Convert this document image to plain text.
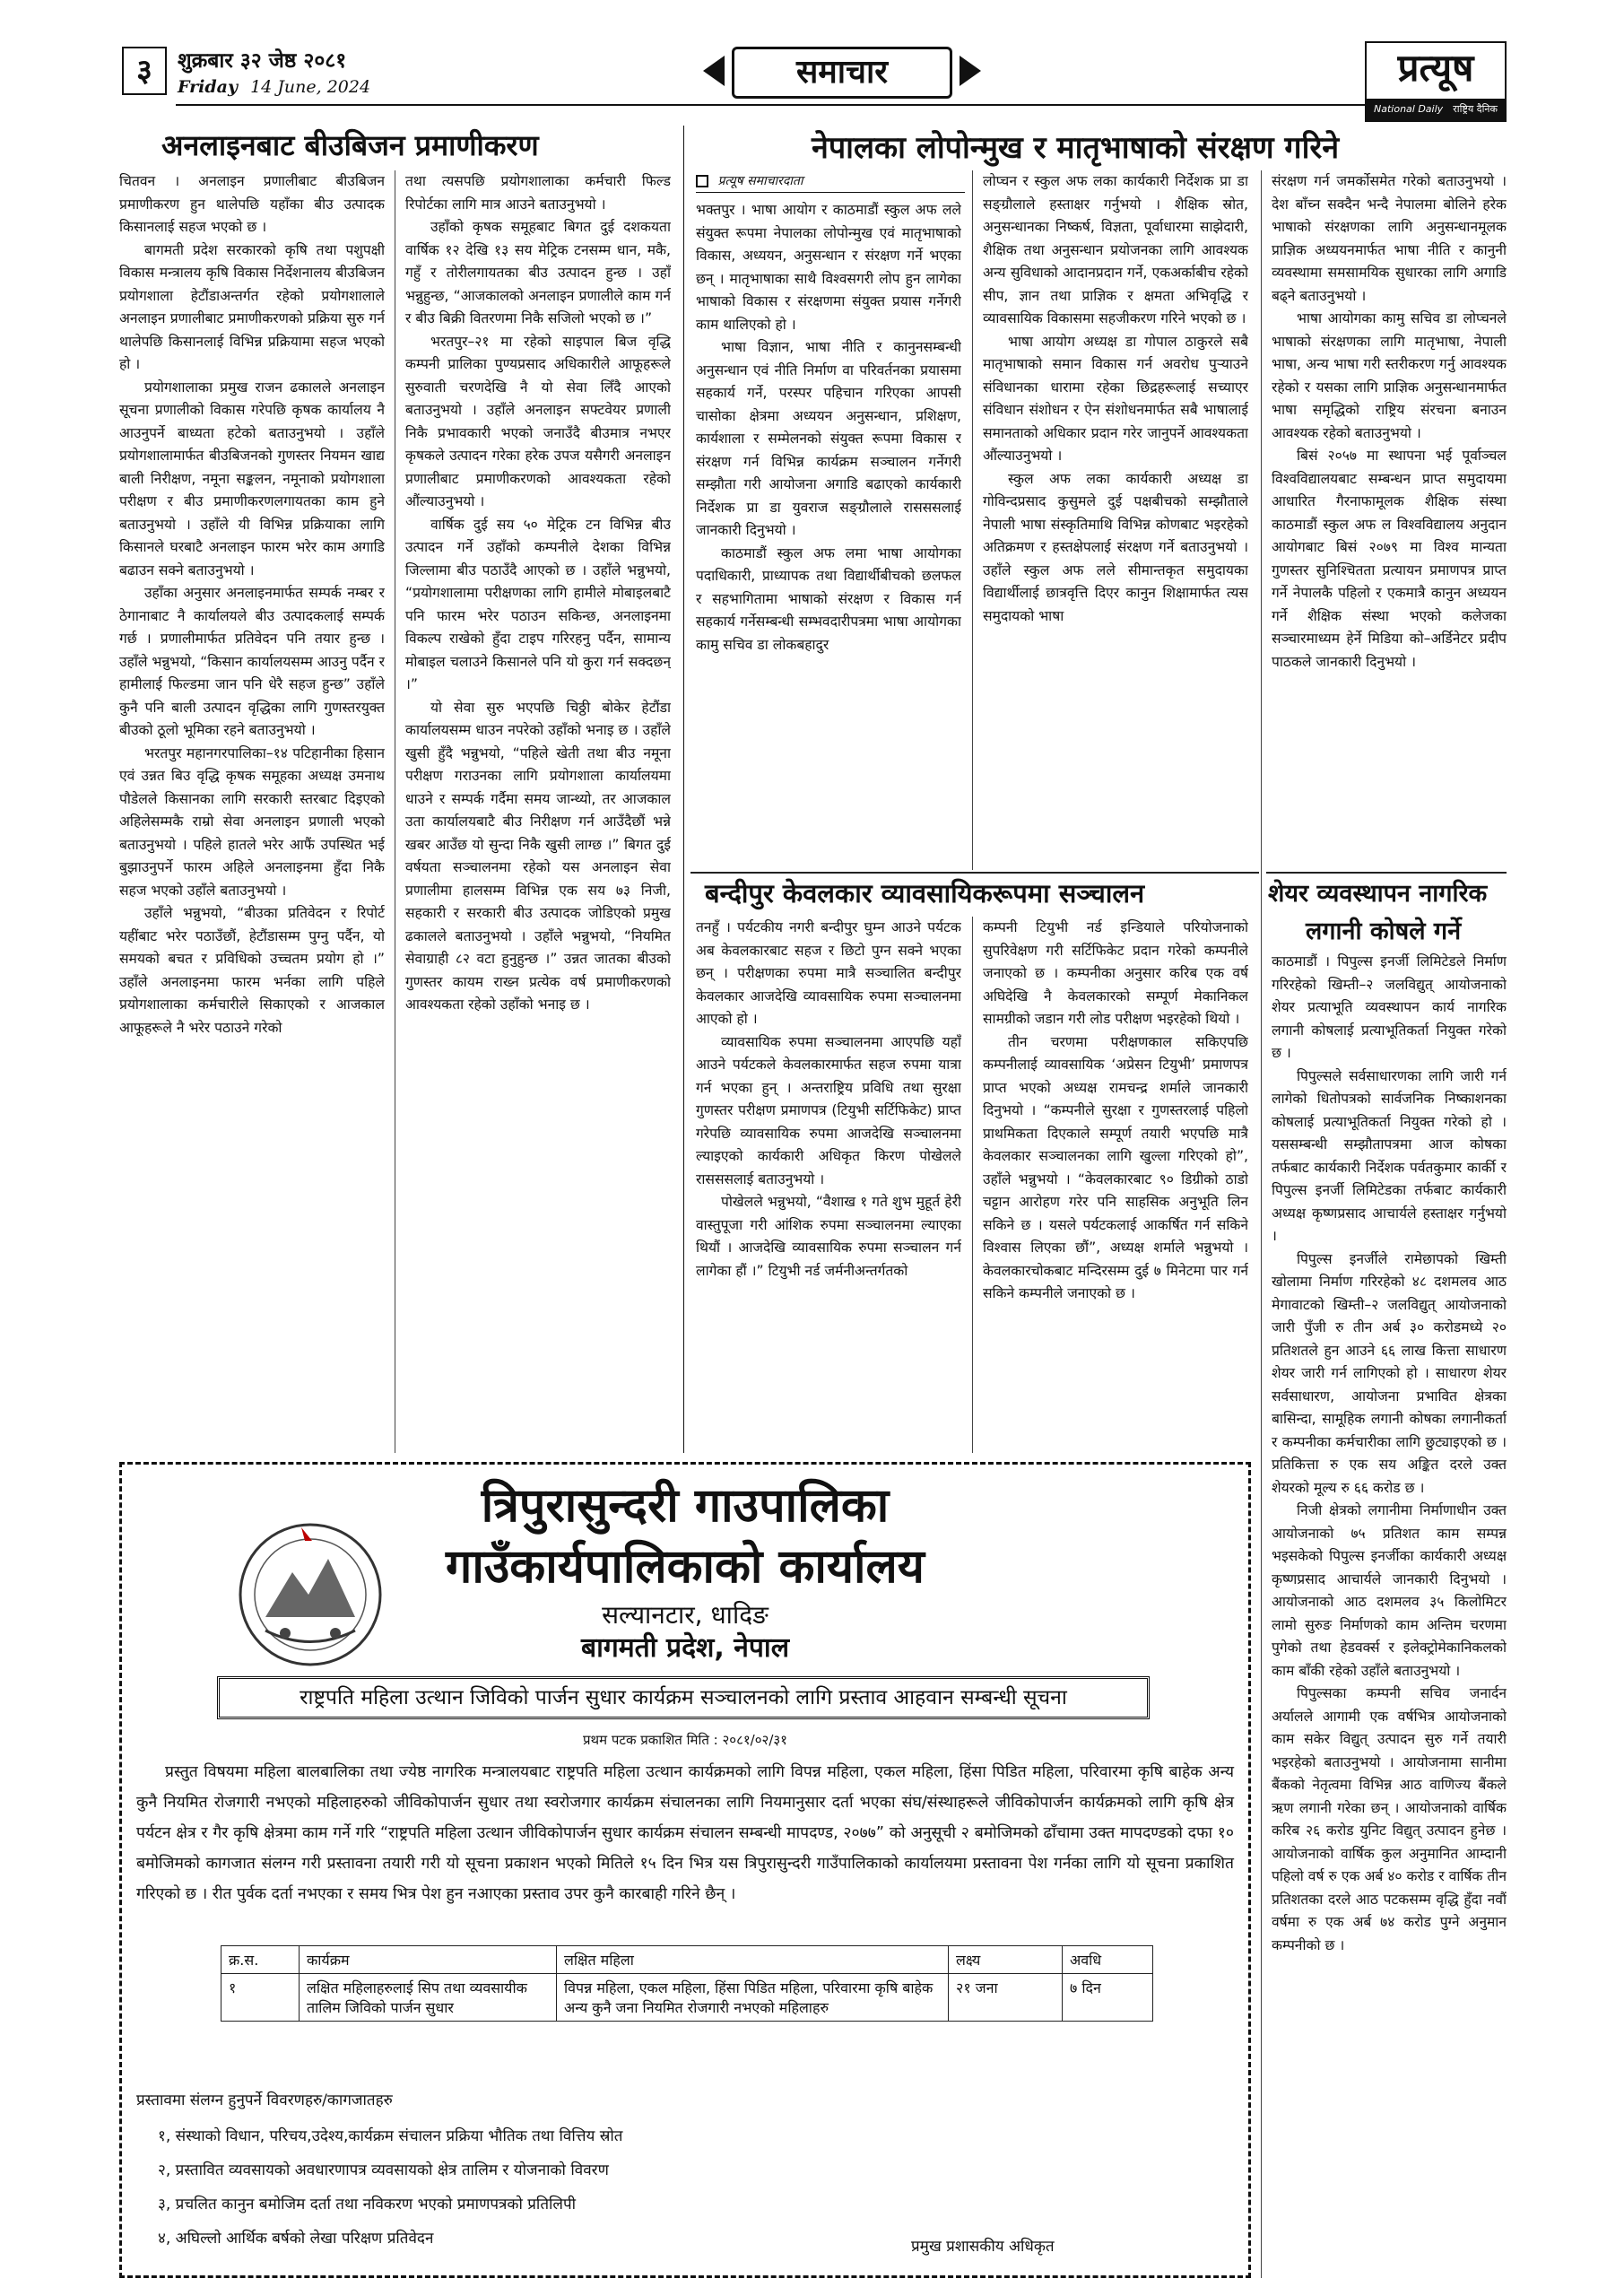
३	शुक्रबार ३२ जेष्ठ २०८१
Friday 14 June, 2024	समाचार	प्रत्यूष
National Daily राष्ट्रिय दैनिक
अनलाइनबाट बीउबिजन प्रमाणीकरण

चितवन । अनलाइन प्रणालीबाट बीउबिजन प्रमाणीकरण हुन थालेपछि यहाँका बीउ उत्पादक किसानलाई सहज भएको छ ।

बागमती प्रदेश सरकारको कृषि तथा पशुपक्षी विकास मन्त्रालय कृषि विकास निर्देशनालय बीउबिजन प्रयोगशाला हेटौंडाअन्तर्गत रहेको प्रयोगशालाले अनलाइन प्रणालीबाट प्रमाणीकरणको प्रक्रिया सुरु गर्न थालेपछि किसानलाई विभिन्न प्रक्रियामा सहज भएको हो ।

प्रयोगशालाका प्रमुख राजन ढकालले अनलाइन सूचना प्रणालीको विकास गरेपछि कृषक कार्यालय नै आउनुपर्ने बाध्यता हटेको बताउनुभयो । उहाँले प्रयोगशालामार्फत बीउबिजनको गुणस्तर नियमन खाद्य बाली निरीक्षण, नमूना सङ्कलन, नमूनाको प्रयोगशाला परीक्षण र बीउ प्रमाणीकरणलगायतका काम हुने बताउनुभयो । उहाँले यी विभिन्न प्रक्रियाका लागि किसानले घरबाटै अनलाइन फारम भरेर काम अगाडि बढाउन सक्ने बताउनुभयो ।

उहाँका अनुसार अनलाइनमार्फत सम्पर्क नम्बर र ठेगानाबाट नै कार्यालयले बीउ उत्पादकलाई सम्पर्क गर्छ । प्रणालीमार्फत प्रतिवेदन पनि तयार हुन्छ । उहाँले भन्नुभयो, “किसान कार्यालयसम्म आउनु पर्दैन र हामीलाई फिल्डमा जान पनि धेरै सहज हुन्छ” उहाँले कुनै पनि बाली उत्पादन वृद्धिका लागि गुणस्तरयुक्त बीउको ठूलो भूमिका रहने बताउनुभयो ।

भरतपुर महानगरपालिका–१४ पटिहानीका हिसान एवं उन्नत बिउ वृद्धि कृषक समूहका अध्यक्ष उमनाथ पौडेलले किसानका लागि सरकारी स्तरबाट दिइएको अहिलेसम्मकै राम्रो सेवा अनलाइन प्रणाली भएको बताउनुभयो । पहिले हातले भरेर आफैं उपस्थित भई बुझाउनुपर्ने फारम अहिले अनलाइनमा हुँदा निकै सहज भएको उहाँले बताउनुभयो ।

उहाँले भन्नुभयो, “बीउका प्रतिवेदन र रिपोर्ट यहींबाट भरेर पठाउँछौं, हेटौंडासम्म पुग्नु पर्दैन, यो समयको बचत र प्रविधिको उच्चतम प्रयोग हो ।” उहाँले अनलाइनमा फारम भर्नका लागि पहिले प्रयोगशालाका कर्मचारीले सिकाएको र आजकाल आफूहरूले नै भरेर पठाउने गरेको

तथा त्यसपछि प्रयोगशालाका कर्मचारी फिल्ड रिपोर्टका लागि मात्र आउने बताउनुभयो ।

उहाँको कृषक समूहबाट बिगत दुई दशकयता वार्षिक १२ देखि १३ सय मेट्रिक टनसम्म धान, मकै, गहुँ र तोरीलगायतका बीउ उत्पादन हुन्छ । उहाँ भन्नुहुन्छ, “आजकालको अनलाइन प्रणालीले काम गर्न र बीउ बिक्री वितरणमा निकै सजिलो भएको छ ।”

भरतपुर–२१ मा रहेको साइपाल बिज वृद्धि कम्पनी प्रालिका पुण्यप्रसाद अधिकारीले आफूहरूले सुरुवाती चरणदेखि नै यो सेवा लिँदै आएको बताउनुभयो । उहाँले अनलाइन सफ्टवेयर प्रणाली निकै प्रभावकारी भएको जनाउँदै बीउमात्र नभएर कृषकले उत्पादन गरेका हरेक उपज यसैगरी अनलाइन प्रणालीबाट प्रमाणीकरणको आवश्यकता रहेको औंल्याउनुभयो ।

वार्षिक दुई सय ५० मेट्रिक टन विभिन्न बीउ उत्पादन गर्ने उहाँको कम्पनीले देशका विभिन्न जिल्लामा बीउ पठाउँदै आएको छ । उहाँले भन्नुभयो, “प्रयोगशालामा परीक्षणका लागि हामीले मोबाइलबाटै पनि फारम भरेर पठाउन सकिन्छ, अनलाइनमा विकल्प राखेको हुँदा टाइप गरिरहनु पर्दैन, सामान्य मोबाइल चलाउने किसानले पनि यो कुरा गर्न सक्दछन् ।”

यो सेवा सुरु भएपछि चिठ्ठी बोकेर हेटौंडा कार्यालयसम्म धाउन नपरेको उहाँको भनाइ छ । उहाँले खुसी हुँदै भन्नुभयो, “पहिले खेती तथा बीउ नमूना परीक्षण गराउनका लागि प्रयोगशाला कार्यालयमा धाउने र सम्पर्क गर्दैमा समय जान्थ्यो, तर आजकाल उता कार्यालयबाटै बीउ निरीक्षण गर्न आउँदैछौं भन्ने खबर आउँछ यो सुन्दा निकै खुसी लाग्छ ।” बिगत दुई वर्षयता सञ्चालनमा रहेको यस अनलाइन सेवा प्रणालीमा हालसम्म विभिन्न एक सय ७३ निजी, सहकारी र सरकारी बीउ उत्पादक जोडिएको प्रमुख ढकालले बताउनुभयो । उहाँले भन्नुभयो, “नियमित सेवाग्राही ८२ वटा हुनुहुन्छ ।” उन्नत जातका बीउको गुणस्तर कायम राख्न प्रत्येक वर्ष प्रमाणीकरणको आवश्यकता रहेको उहाँको भनाइ छ ।

नेपालका लोपोन्मुख र मातृभाषाको संरक्षण गरिने
प्रत्यूष समाचारदाता

भक्तपुर । भाषा आयोग र काठमाडौं स्कुल अफ लले संयुक्त रूपमा नेपालका लोपोन्मुख एवं मातृभाषाको विकास, अध्ययन, अनुसन्धान र संरक्षण गर्ने भएका छन् । मातृभाषाका साथै विश्वसगरी लोप हुन लागेका भाषाको विकास र संरक्षणमा संयुक्त प्रयास गर्नेगरी काम थालिएको हो ।

भाषा विज्ञान, भाषा नीति र कानुनसम्बन्धी अनुसन्धान एवं नीति निर्माण वा परिवर्तनका प्रयासमा सहकार्य गर्ने, परस्पर पहिचान गरिएका आपसी चासोका क्षेत्रमा अध्ययन अनुसन्धान, प्रशिक्षण, कार्यशाला र सम्मेलनको संयुक्त रूपमा विकास र संरक्षण गर्न विभिन्न कार्यक्रम सञ्चालन गर्नेगरी सम्झौता गरी आयोजना अगाडि बढाएको कार्यकारी निर्देशक प्रा डा युवराज सङ्ग्रौलाले रासससलाई जानकारी दिनुभयो ।

काठमाडौं स्कुल अफ लमा भाषा आयोगका पदाधिकारी, प्राध्यापक तथा विद्यार्थीबीचको छलफल र सहभागितामा भाषाको संरक्षण र विकास गर्न सहकार्य गर्नेसम्बन्धी सम्भवदारीपत्रमा भाषा आयोगका कामु सचिव डा लोकबहादुर

लोप्चन र स्कुल अफ लका कार्यकारी निर्देशक प्रा डा सङ्ग्रौलाले हस्ताक्षर गर्नुभयो । शैक्षिक स्रोत, अनुसन्धानका निष्कर्ष, विज्ञता, पूर्वाधारमा साझेदारी, शैक्षिक तथा अनुसन्धान प्रयोजनका लागि आवश्यक अन्य सुविधाको आदानप्रदान गर्ने, एकअर्काबीच रहेको सीप, ज्ञान तथा प्राज्ञिक र क्षमता अभिवृद्धि र व्यावसायिक विकासमा सहजीकरण गरिने भएको छ ।

भाषा आयोग अध्यक्ष डा गोपाल ठाकुरले सबै मातृभाषाको समान विकास गर्न अवरोध पुऱ्याउने संविधानका धारामा रहेका छिद्रहरूलाई सच्याएर संविधान संशोधन र ऐन संशोधनमार्फत सबै भाषालाई समानताको अधिकार प्रदान गरेर जानुपर्ने आवश्यकता औंल्याउनुभयो ।

स्कुल अफ लका कार्यकारी अध्यक्ष डा गोविन्दप्रसाद कुसुमले दुई पक्षबीचको सम्झौताले नेपाली भाषा संस्कृतिमाथि विभिन्न कोणबाट भइरहेको अतिक्रमण र हस्तक्षेपलाई संरक्षण गर्ने बताउनुभयो । उहाँले स्कुल अफ लले सीमान्तकृत समुदायका विद्यार्थीलाई छात्रवृत्ति दिएर कानुन शिक्षामार्फत त्यस समुदायको भाषा

संरक्षण गर्न जमर्कोसमेत गरेको बताउनुभयो । देश बाँच्न सक्दैन भन्दै नेपालमा बोलिने हरेक भाषाको संरक्षणका लागि अनुसन्धानमूलक प्राज्ञिक अध्ययनमार्फत भाषा नीति र कानुनी व्यवस्थामा समसामयिक सुधारका लागि अगाडि बढ्ने बताउनुभयो ।

भाषा आयोगका कामु सचिव डा लोप्चनले भाषाको संरक्षणका लागि मातृभाषा, नेपाली भाषा, अन्य भाषा गरी स्तरीकरण गर्नु आवश्यक रहेको र यसका लागि प्राज्ञिक अनुसन्धानमार्फत भाषा समृद्धिको राष्ट्रिय संरचना बनाउन आवश्यक रहेको बताउनुभयो ।

बिसं २०५७ मा स्थापना भई पूर्वाञ्चल विश्वविद्यालयबाट सम्बन्धन प्राप्त समुदायमा आधारित गैरनाफामूलक शैक्षिक संस्था काठमाडौं स्कुल अफ ल विश्वविद्यालय अनुदान आयोगबाट बिसं २०७९ मा विश्व मान्यता गुणस्तर सुनिश्चितता प्रत्यायन प्रमाणपत्र प्राप्त गर्ने नेपालकै पहिलो र एकमात्रै कानुन अध्ययन गर्ने शैक्षिक संस्था भएको कलेजका सञ्चारमाध्यम हेर्ने मिडिया को–अर्डिनेटर प्रदीप पाठकले जानकारी दिनुभयो ।

बन्दीपुर केवलकार व्यावसायिकरूपमा सञ्चालन

तनहुँ । पर्यटकीय नगरी बन्दीपुर घुम्न आउने पर्यटक अब केवलकारबाट सहज र छिटो पुग्न सक्ने भएका छन् । परीक्षणका रुपमा मात्रै सञ्चालित बन्दीपुर केवलकार आजदेखि व्यावसायिक रुपमा सञ्चालनमा आएको हो ।

व्यावसायिक रुपमा सञ्चालनमा आएपछि यहाँ आउने पर्यटकले केवलकारमार्फत सहज रुपमा यात्रा गर्न भएका हुन् । अन्तराष्ट्रिय प्रविधि तथा सुरक्षा गुणस्तर परीक्षण प्रमाणपत्र (टियुभी सर्टिफिकेट) प्राप्त गरेपछि व्यावसायिक रुपमा आजदेखि सञ्चालनमा ल्याइएको कार्यकारी अधिकृत किरण पोखेलले रासससलाई बताउनुभयो ।

पोखेलले भन्नुभयो, “वैशाख १ गते शुभ मुहूर्त हेरी वास्तुपूजा गरी आंशिक रुपमा सञ्चालनमा ल्याएका थियौं । आजदेखि व्यावसायिक रुपमा सञ्चालन गर्न लागेका हौं ।” टियुभी नर्ड जर्मनीअन्तर्गतको

कम्पनी टियुभी नर्ड इन्डियाले परियोजनाको सुपरिवेक्षण गरी सर्टिफिकेट प्रदान गरेको कम्पनीले जनाएको छ । कम्पनीका अनुसार करिब एक वर्ष अघिदेखि नै केवलकारको सम्पूर्ण मेकानिकल सामग्रीको जडान गरी लोड परीक्षण भइरहेको थियो ।

तीन चरणमा परीक्षणकाल सकिएपछि कम्पनीलाई व्यावसायिक ‘अप्रेसन टियुभी’ प्रमाणपत्र प्राप्त भएको अध्यक्ष रामचन्द्र शर्माले जानकारी दिनुभयो । “कम्पनीले सुरक्षा र गुणस्तरलाई पहिलो प्राथमिकता दिएकाले सम्पूर्ण तयारी भएपछि मात्रै केवलकार सञ्चालनका लागि खुल्ला गरिएको हो”, उहाँले भन्नुभयो । “केवलकारबाट ९० डिग्रीको ठाडो चट्टान आरोहण गरेर पनि साहसिक अनुभूति लिन सकिने छ । यसले पर्यटकलाई आकर्षित गर्न सकिने विश्वास लिएका छौं”, अध्यक्ष शर्माले भन्नुभयो । केवलकारचोकबाट मन्दिरसम्म दुई ७ मिनेटमा पार गर्न सकिने कम्पनीले जनाएको छ ।

शेयर व्यवस्थापन नागरिक
लगानी कोषले गर्ने

काठमाडौं । पिपुल्स इनर्जी लिमिटेडले निर्माण गरिरहेको खिम्ती–२ जलविद्युत् आयोजनाको शेयर प्रत्याभूति व्यवस्थापन कार्य नागरिक लगानी कोषलाई प्रत्याभूतिकर्ता नियुक्त गरेको छ ।

पिपुल्सले सर्वसाधारणका लागि जारी गर्न लागेको धितोपत्रको सार्वजनिक निष्काशनका कोषलाई प्रत्याभूतिकर्ता नियुक्त गरेको हो । यससम्बन्धी सम्झौतापत्रमा आज कोषका तर्फबाट कार्यकारी निर्देशक पर्वतकुमार कार्की र पिपुल्स इनर्जी लिमिटेडका तर्फबाट कार्यकारी अध्यक्ष कृष्णप्रसाद आचार्यले हस्ताक्षर गर्नुभयो ।

पिपुल्स इनर्जीले रामेछापको खिम्ती खोलामा निर्माण गरिरहेको ४८ दशमलव आठ मेगावाटको खिम्ती–२ जलविद्युत् आयोजनाको जारी पुँजी रु तीन अर्ब ३० करोडमध्ये २० प्रतिशतले हुन आउने ६६ लाख कित्ता साधारण शेयर जारी गर्न लागिएको हो । साधारण शेयर सर्वसाधारण, आयोजना प्रभावित क्षेत्रका बासिन्दा, सामूहिक लगानी कोषका लगानीकर्ता र कम्पनीका कर्मचारीका लागि छुट्याइएको छ । प्रतिकित्ता रु एक सय अङ्कित दरले उक्त शेयरको मूल्य रु ६६ करोड छ ।

निजी क्षेत्रको लगानीमा निर्माणाधीन उक्त आयोजनाको ७५ प्रतिशत काम सम्पन्न भइसकेको पिपुल्स इनर्जीका कार्यकारी अध्यक्ष कृष्णप्रसाद आचार्यले जानकारी दिनुभयो । आयोजनाको आठ दशमलव ३५ किलोमिटर लामो सुरुङ निर्माणको काम अन्तिम चरणमा पुगेको तथा हेडवर्क्स र इलेक्ट्रोमेकानिकलको काम बाँकी रहेको उहाँले बताउनुभयो ।

पिपुल्सका कम्पनी सचिव जनार्दन अर्यालले आगामी एक वर्षभित्र आयोजनाको काम सकेर विद्युत् उत्पादन सुरु गर्ने तयारी भइरहेको बताउनुभयो । आयोजनामा सानीमा बैंकको नेतृत्वमा विभिन्न आठ वाणिज्य बैंकले ऋण लगानी गरेका छन् । आयोजनाको वार्षिक करिब २६ करोड युनिट विद्युत् उत्पादन हुनेछ । आयोजनाको वार्षिक कुल अनुमानित आम्दानी पहिलो वर्ष रु एक अर्ब ४० करोड र वार्षिक तीन प्रतिशतका दरले आठ पटकसम्म वृद्धि हुँदा नवौं वर्षमा रु एक अर्ब ७४ करोड पुग्ने अनुमान कम्पनीको छ ।

त्रिपुरासुन्दरी गाउपालिका
गाउँकार्यपालिकाको कार्यालय
सल्यानटार, धादिङ
बागमती प्रदेश, नेपाल
राष्ट्रपति महिला उत्थान जिविको पार्जन सुधार कार्यक्रम सञ्चालनको लागि प्रस्ताव आहवान सम्बन्धी सूचना
प्रथम पटक प्रकाशित मिति : २०८१/०२/३१
प्रस्तुत विषयमा महिला बालबालिका तथा ज्येष्ठ नागरिक मन्त्रालयबाट राष्ट्रपति महिला उत्थान कार्यक्रमको लागि विपन्न महिला, एकल महिला, हिंसा पिडित महिला, परिवारमा कृषि बाहेक अन्य कुनै नियमित रोजगारी नभएको महिलाहरुको जीविकोपार्जन सुधार तथा स्वरोजगार कार्यक्रम संचालनका लागि नियमानुसार दर्ता भएका संघ/संस्थाहरूले जीविकोपार्जन कार्यक्रमको लागि कृषि क्षेत्र पर्यटन क्षेत्र र गैर कृषि क्षेत्रमा काम गर्ने गरि “राष्ट्रपति महिला उत्थान जीविकोपार्जन सुधार कार्यक्रम संचालन सम्बन्धी मापदण्ड, २०७७” को अनुसूची २ बमोजिमको ढाँचामा उक्त मापदण्डको दफा १० बमोजिमको कागजात संलग्न गरी प्रस्तावना तयारी गरी यो सूचना प्रकाशन भएको मितिले १५ दिन भित्र यस त्रिपुरासुन्दरी गाउँपालिकाको कार्यालयमा प्रस्तावना पेश गर्नका लागि यो सूचना प्रकाशित गरिएको छ । रीत पुर्वक दर्ता नभएका र समय भित्र पेश हुन नआएका प्रस्ताव उपर कुनै कारबाही गरिने छैन् ।
क्र.स.	कार्यक्रम	लक्षित महिला	लक्ष्य	अवधि
१	लक्षित महिलाहरुलाई सिप तथा व्यवसायीक तालिम जिविको पार्जन सुधार	विपन्न महिला, एकल महिला, हिंसा पिडित महिला, परिवारमा कृषि बाहेक अन्य कुनै जना नियमित रोजगारी नभएको महिलाहरु	२१ जना	७ दिन
प्रस्तावमा संलग्न हुनुपर्ने विवरणहरु/कागजातहरु
१, संस्थाको विधान, परिचय,उदेश्य,कार्यक्रम संचालन प्रक्रिया भौतिक तथा वित्तिय स्रोत
२, प्रस्तावित व्यवसायको अवधारणापत्र व्यवसायको क्षेत्र तालिम र योजनाको विवरण
३, प्रचलित कानुन बमोजिम दर्ता तथा नविकरण भएको प्रमाणपत्रको प्रतिलिपी
४, अघिल्लो आर्थिक बर्षको लेखा परिक्षण प्रतिवेदन	प्रमुख प्रशासकीय अधिकृत
